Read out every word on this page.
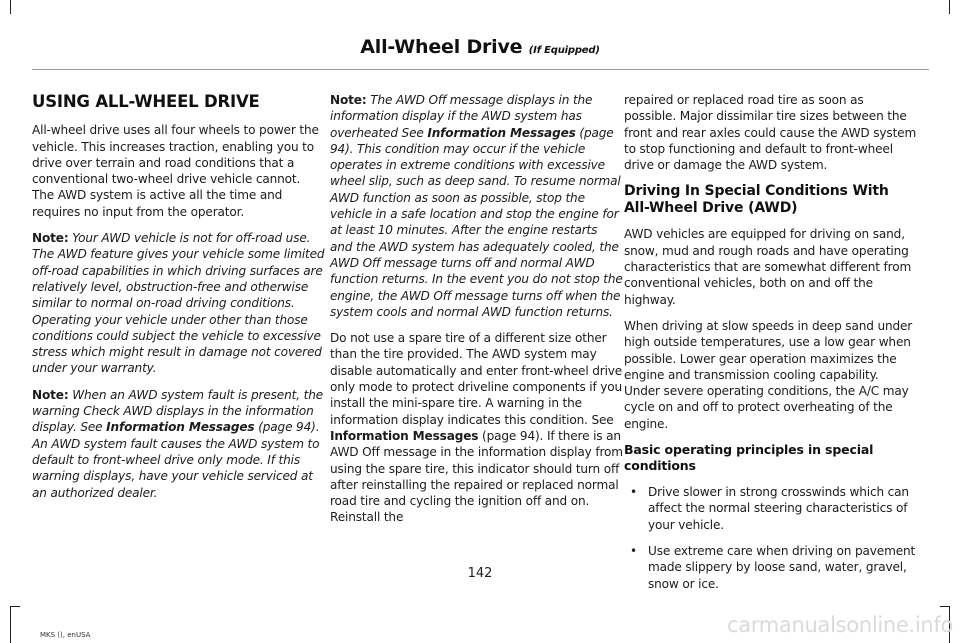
All-Wheel Drive (If Equipped)
USING ALL-WHEEL DRIVE

All-wheel drive uses all four wheels to power the vehicle. This increases traction, enabling you to drive over terrain and road conditions that a conventional two-wheel drive vehicle cannot. The AWD system is active all the time and requires no input from the operator.

Note: Your AWD vehicle is not for off-road use. The AWD feature gives your vehicle some limited off-road capabilities in which driving surfaces are relatively level, obstruction-free and otherwise similar to normal on-road driving conditions. Operating your vehicle under other than those conditions could subject the vehicle to excessive stress which might result in damage not covered under your warranty.

Note: When an AWD system fault is present, the warning Check AWD displays in the information display. See Information Messages (page 94). An AWD system fault causes the AWD system to default to front-wheel drive only mode. If this warning displays, have your vehicle serviced at an authorized dealer.

Note: The AWD Off message displays in the information display if the AWD system has overheated See Information Messages (page 94). This condition may occur if the vehicle operates in extreme conditions with excessive wheel slip, such as deep sand. To resume normal AWD function as soon as possible, stop the vehicle in a safe location and stop the engine for at least 10 minutes. After the engine restarts and the AWD system has adequately cooled, the AWD Off message turns off and normal AWD function returns. In the event you do not stop the engine, the AWD Off message turns off when the system cools and normal AWD function returns.

Do not use a spare tire of a different size other than the tire provided. The AWD system may disable automatically and enter front-wheel drive only mode to protect driveline components if you install the mini-spare tire. A warning in the information display indicates this condition. See Information Messages (page 94). If there is an AWD Off message in the information display from using the spare tire, this indicator should turn off after reinstalling the repaired or replaced normal road tire and cycling the ignition off and on. Reinstall the

repaired or replaced road tire as soon as possible. Major dissimilar tire sizes between the front and rear axles could cause the AWD system to stop functioning and default to front-wheel drive or damage the AWD system.

Driving In Special Conditions With All-Wheel Drive (AWD)

AWD vehicles are equipped for driving on sand, snow, mud and rough roads and have operating characteristics that are somewhat different from conventional vehicles, both on and off the highway.

When driving at slow speeds in deep sand under high outside temperatures, use a low gear when possible. Lower gear operation maximizes the engine and transmission cooling capability. Under severe operating conditions, the A/C may cycle on and off to protect overheating of the engine.

Basic operating principles in special conditions
• Drive slower in strong crosswinds which can affect the normal steering characteristics of your vehicle.
• Use extreme care when driving on pavement made slippery by loose sand, water, gravel, snow or ice.
142
MKS (), enUSA	carmanualsonline.info
